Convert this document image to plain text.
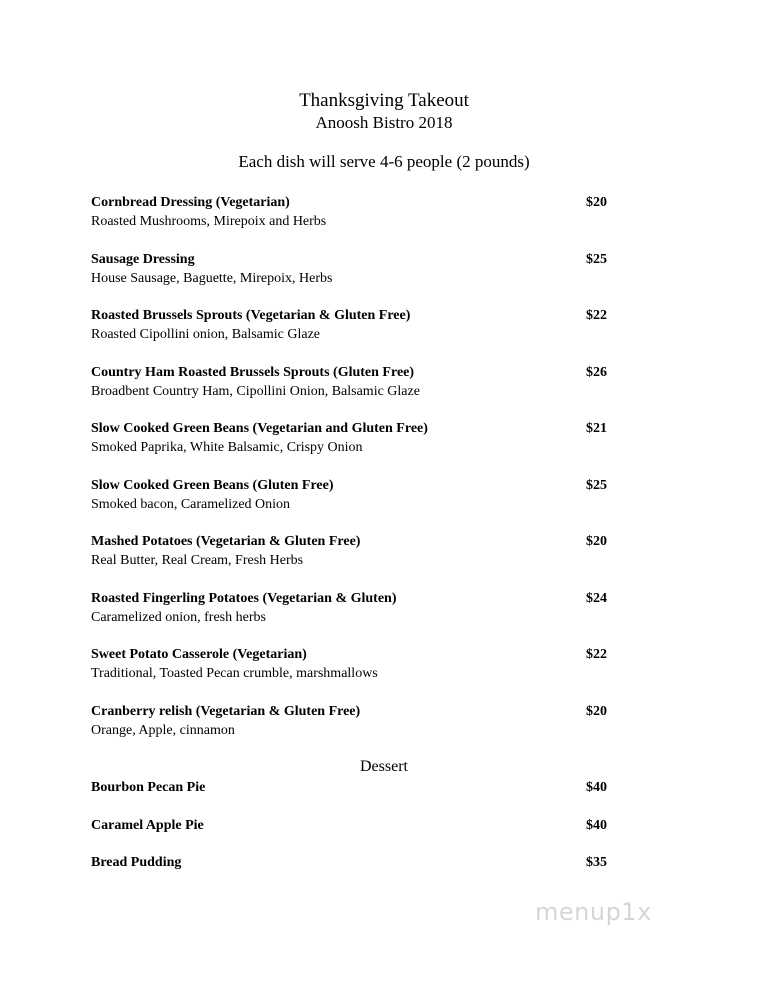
Thanksgiving Takeout
Anoosh Bistro 2018
Each dish will serve 4-6 people (2 pounds)
Cornbread Dressing (Vegetarian)	$20
Roasted Mushrooms, Mirepoix and Herbs
Sausage Dressing	$25
House Sausage, Baguette, Mirepoix, Herbs
Roasted Brussels Sprouts (Vegetarian & Gluten Free)	$22
Roasted Cipollini onion, Balsamic Glaze
Country Ham Roasted Brussels Sprouts (Gluten Free)	$26
Broadbent Country Ham, Cipollini Onion, Balsamic Glaze
Slow Cooked Green Beans (Vegetarian and Gluten Free)	$21
Smoked Paprika, White Balsamic, Crispy Onion
Slow Cooked Green Beans (Gluten Free)	$25
Smoked bacon, Caramelized Onion
Mashed Potatoes (Vegetarian & Gluten Free)	$20
Real Butter, Real Cream, Fresh Herbs
Roasted Fingerling Potatoes (Vegetarian & Gluten)	$24
Caramelized onion, fresh herbs
Sweet Potato Casserole (Vegetarian)	$22
Traditional, Toasted Pecan crumble, marshmallows
Cranberry relish (Vegetarian & Gluten Free)	$20
Orange, Apple, cinnamon
Dessert
Bourbon Pecan Pie	$40
Caramel Apple Pie	$40
Bread Pudding	$35
menup1x
